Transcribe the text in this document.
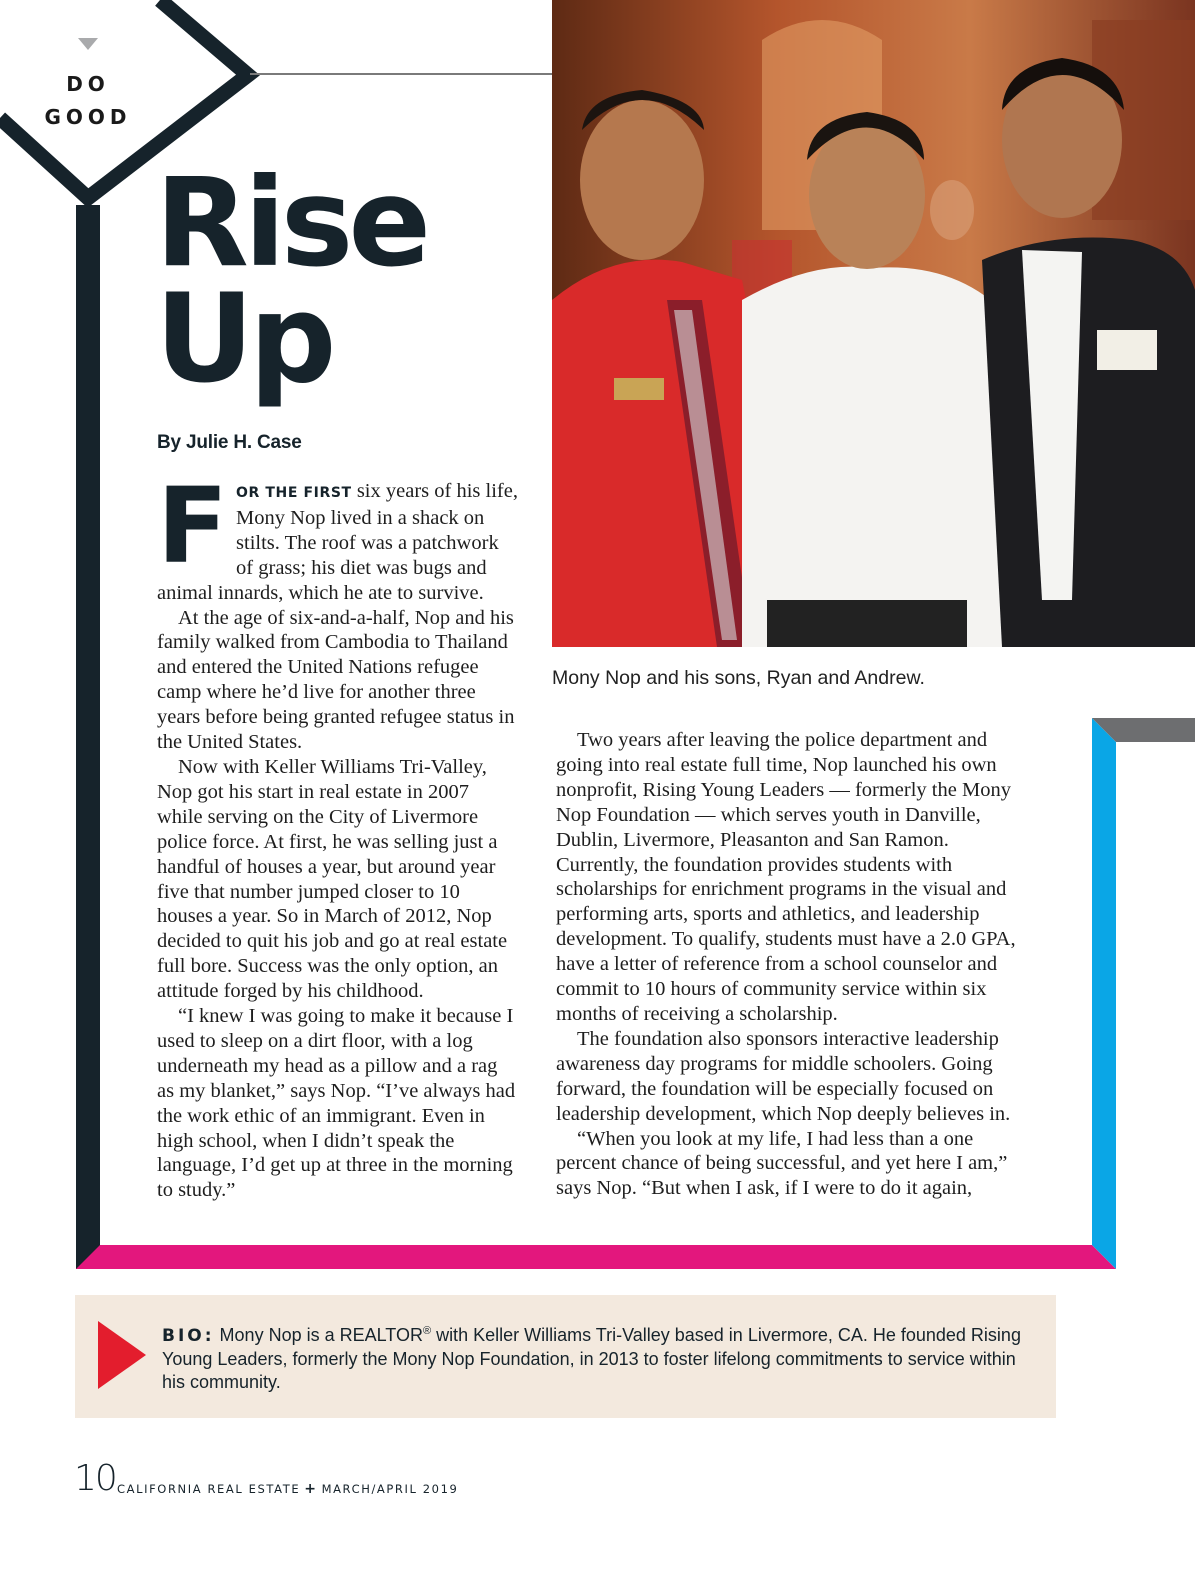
DO
GOOD
Rise
Up
By Julie H. Case

FOR THE FIRST six years of his life, Mony Nop lived in a shack on stilts. The roof was a patchwork of grass; his diet was bugs and animal innards, which he ate to survive.

At the age of six-and-a-half, Nop and his family walked from Cambodia to Thailand and entered the United Nations refugee camp where he’d live for another three years before being granted refugee status in the United States.

Now with Keller Williams Tri-Valley, Nop got his start in real estate in 2007 while serving on the City of Livermore police force. At first, he was selling just a handful of houses a year, but around year five that number jumped closer to 10 houses a year. So in March of 2012, Nop decided to quit his job and go at real estate full bore. Success was the only option, an attitude forged by his childhood.

“I knew I was going to make it because I used to sleep on a dirt floor, with a log underneath my head as a pillow and a rag as my blanket,” says Nop. “I’ve always had the work ethic of an immigrant. Even in high school, when I didn’t speak the language, I’d get up at three in the morning to study.”

Mony Nop and his sons, Ryan and Andrew.

Two years after leaving the police department and going into real estate full time, Nop launched his own nonprofit, Rising Young Leaders — formerly the Mony Nop Foundation — which serves youth in Danville, Dublin, Livermore, Pleasanton and San Ramon. Currently, the foundation provides students with scholarships for enrichment programs in the visual and performing arts, sports and athletics, and leadership development. To qualify, students must have a 2.0 GPA, have a letter of reference from a school counselor and commit to 10 hours of community service within six months of receiving a scholarship.

The foundation also sponsors interactive leadership awareness day programs for middle schoolers. Going forward, the foundation will be especially focused on leadership development, which Nop deeply believes in.

“When you look at my life, I had less than a one percent chance of being successful, and yet here I am,” says Nop. “But when I ask, if I were to do it again,

BIO: Mony Nop is a REALTOR® with Keller Williams Tri-Valley based in Livermore, CA. He founded Rising Young Leaders, formerly the Mony Nop Foundation, in 2013 to foster lifelong commitments to service within his community.
10 CALIFORNIA REAL ESTATE + MARCH/APRIL 2019
